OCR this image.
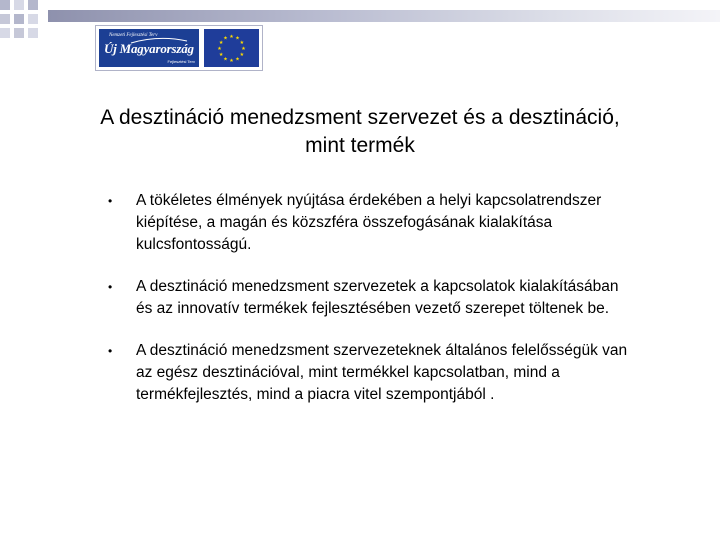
Nemzeti Fejlesztési Terv
Új Magyarország
Fejlesztési Terv
★ ★
★
★
★
★
★
★
★
★
★
★
A desztináció menedzsment szervezet és a desztináció, mint termék
• A tökéletes élmények nyújtása érdekében a helyi kapcsolatrendszer kiépítése, a magán és közszféra összefogásának kialakítása kulcsfontosságú.
• A desztináció menedzsment szervezetek a kapcsolatok kialakításában és az innovatív termékek fejlesztésében vezető szerepet töltenek be.
• A desztináció menedzsment szervezeteknek általános felelősségük van az egész desztinációval, mint termékkel kapcsolatban, mind a termékfejlesztés, mind a piacra vitel szempontjából .
